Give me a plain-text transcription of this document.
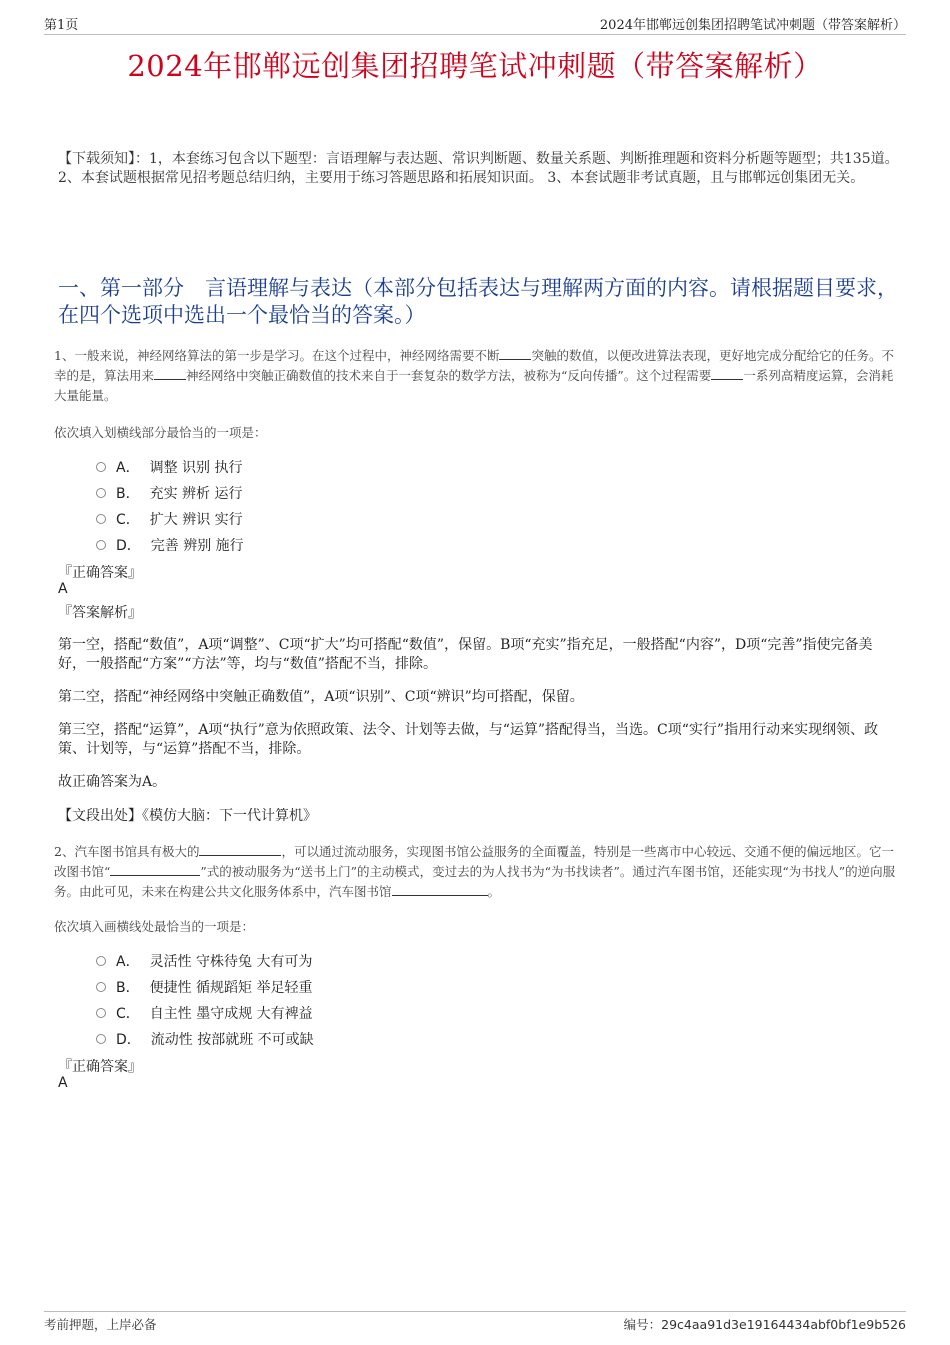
第1页	2024年邯郸远创集团招聘笔试冲刺题（带答案解析）
2024年邯郸远创集团招聘笔试冲刺题（带答案解析）
【下载须知】：1，本套练习包含以下题型：言语理解与表达题、常识判断题、数量关系题、判断推理题和资料分析题等题型；共135道。 2、本套试题根据常见招考题总结归纳，主要用于练习答题思路和拓展知识面。 3、本套试题非考试真题，且与邯郸远创集团无关。
一、第一部分　言语理解与表达（本部分包括表达与理解两方面的内容。请根据题目要求，在四个选项中选出一个最恰当的答案。）
1、一般来说，神经网络算法的第一步是学习。在这个过程中，神经网络需要不断	突触的数值，以便改进算法表现，更好地完成分配给它的任务。不幸的是，算法用来	神经网络中突触正确数值的技术来自于一套复杂的数学方法，被称为“反向传播”。这个过程需要	一系列高精度运算，会消耗大量能量。
依次填入划横线部分最恰当的一项是：
A． 调整 识别 执行
B． 充实 辨析 运行
C． 扩大 辨识 实行
D． 完善 辨别 施行
『正确答案』
A
『答案解析』
第一空，搭配“数值”，A项“调整”、C项“扩大”均可搭配“数值”，保留。B项“充实”指充足，一般搭配“内容”，D项“完善”指使完备美好，一般搭配“方案”“方法”等，均与“数值”搭配不当，排除。
第二空，搭配“神经网络中突触正确数值”，A项“识别”、C项“辨识”均可搭配，保留。
第三空，搭配“运算”，A项“执行”意为依照政策、法令、计划等去做，与“运算”搭配得当，当选。C项“实行”指用行动来实现纲领、政策、计划等，与“运算”搭配不当，排除。
故正确答案为A。
【文段出处】《模仿大脑：下一代计算机》
2、汽车图书馆具有极大的	，可以通过流动服务，实现图书馆公益服务的全面覆盖，特别是一些离市中心较远、交通不便的偏远地区。它一改图书馆“	”式的被动服务为“送书上门”的主动模式，变过去的为人找书为“为书找读者”。通过汽车图书馆，还能实现“为书找人”的逆向服务。由此可见，未来在构建公共文化服务体系中，汽车图书馆	。
依次填入画横线处最恰当的一项是：
A． 灵活性 守株待兔 大有可为
B． 便捷性 循规蹈矩 举足轻重
C． 自主性 墨守成规 大有裨益
D． 流动性 按部就班 不可或缺
『正确答案』
A
考前押题，上岸必备	编号：29c4aa91d3e19164434abf0bf1e9b526
